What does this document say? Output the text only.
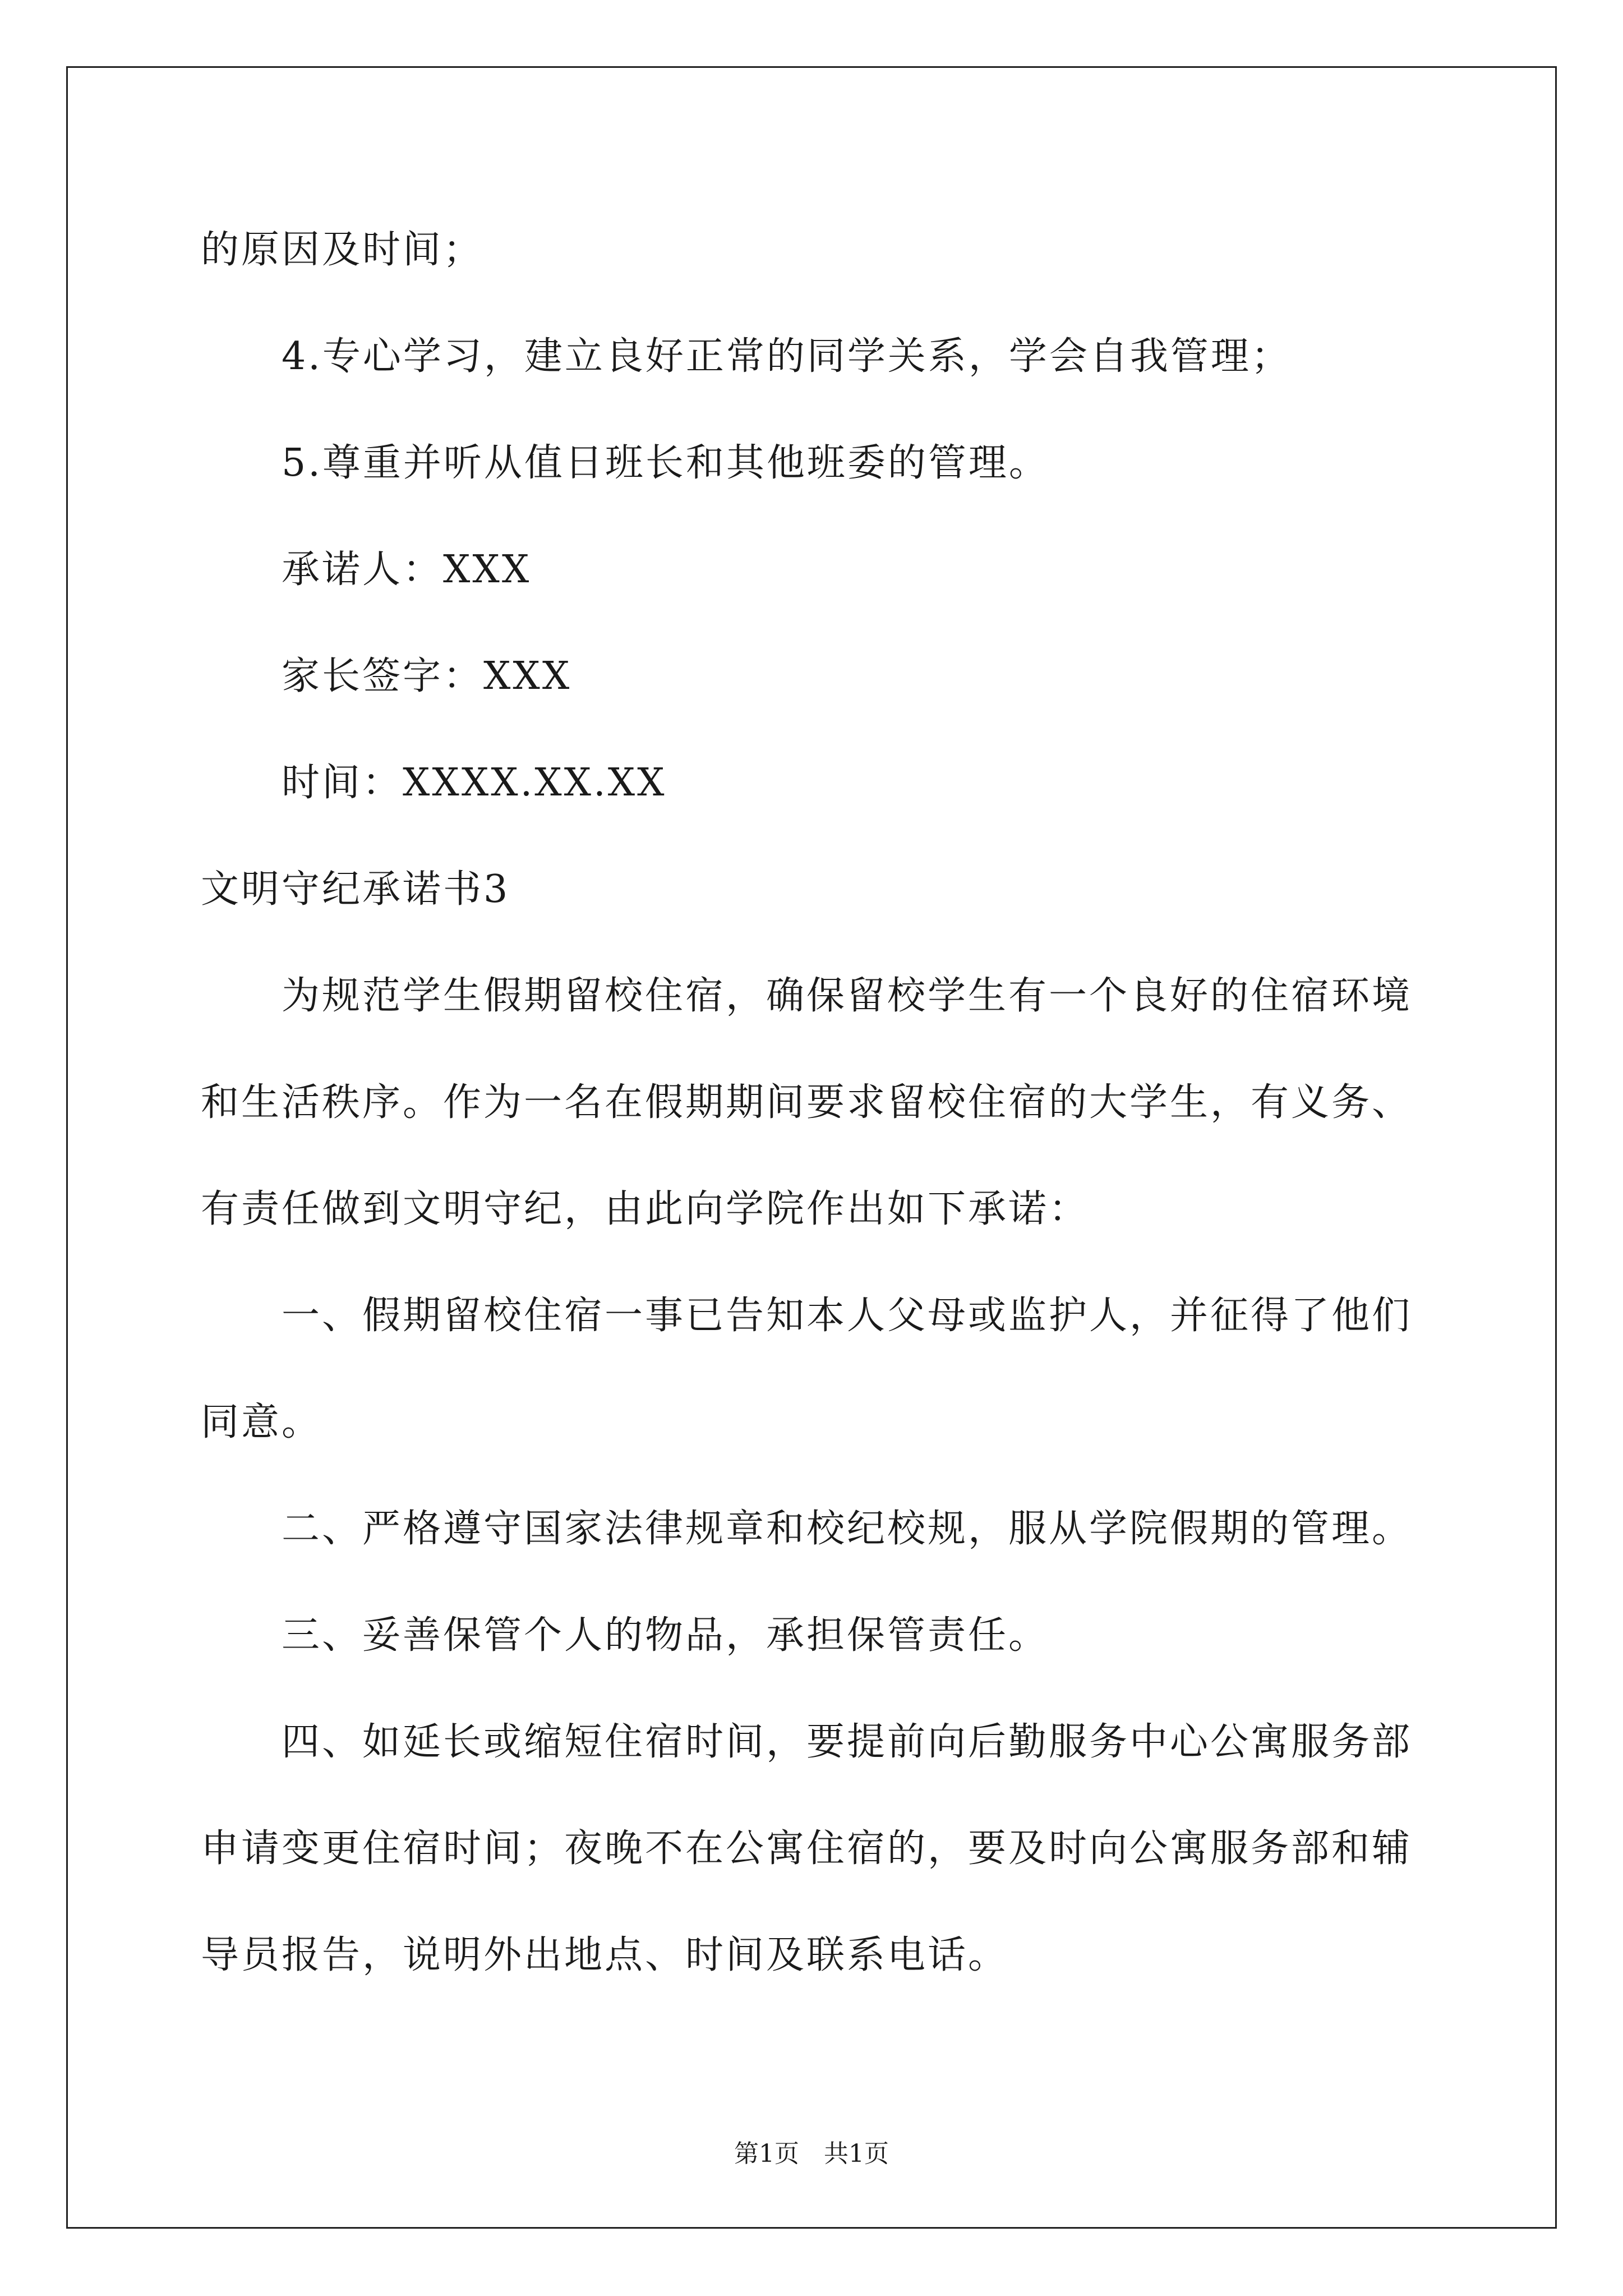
的原因及时间；
4.专心学习，建立良好正常的同学关系，学会自我管理；
5.尊重并听从值日班长和其他班委的管理。
承诺人：XXX
家长签字：XXX
时间：XXXX.XX.XX
文明守纪承诺书3
为规范学生假期留校住宿，确保留校学生有一个良好的住宿环境
和生活秩序。作为一名在假期期间要求留校住宿的大学生，有义务、
有责任做到文明守纪，由此向学院作出如下承诺：
一、假期留校住宿一事已告知本人父母或监护人，并征得了他们
同意。
二、严格遵守国家法律规章和校纪校规，服从学院假期的管理。
三、妥善保管个人的物品，承担保管责任。
四、如延长或缩短住宿时间，要提前向后勤服务中心公寓服务部
申请变更住宿时间；夜晚不在公寓住宿的，要及时向公寓服务部和辅
导员报告，说明外出地点、时间及联系电话。
第1页　共1页
